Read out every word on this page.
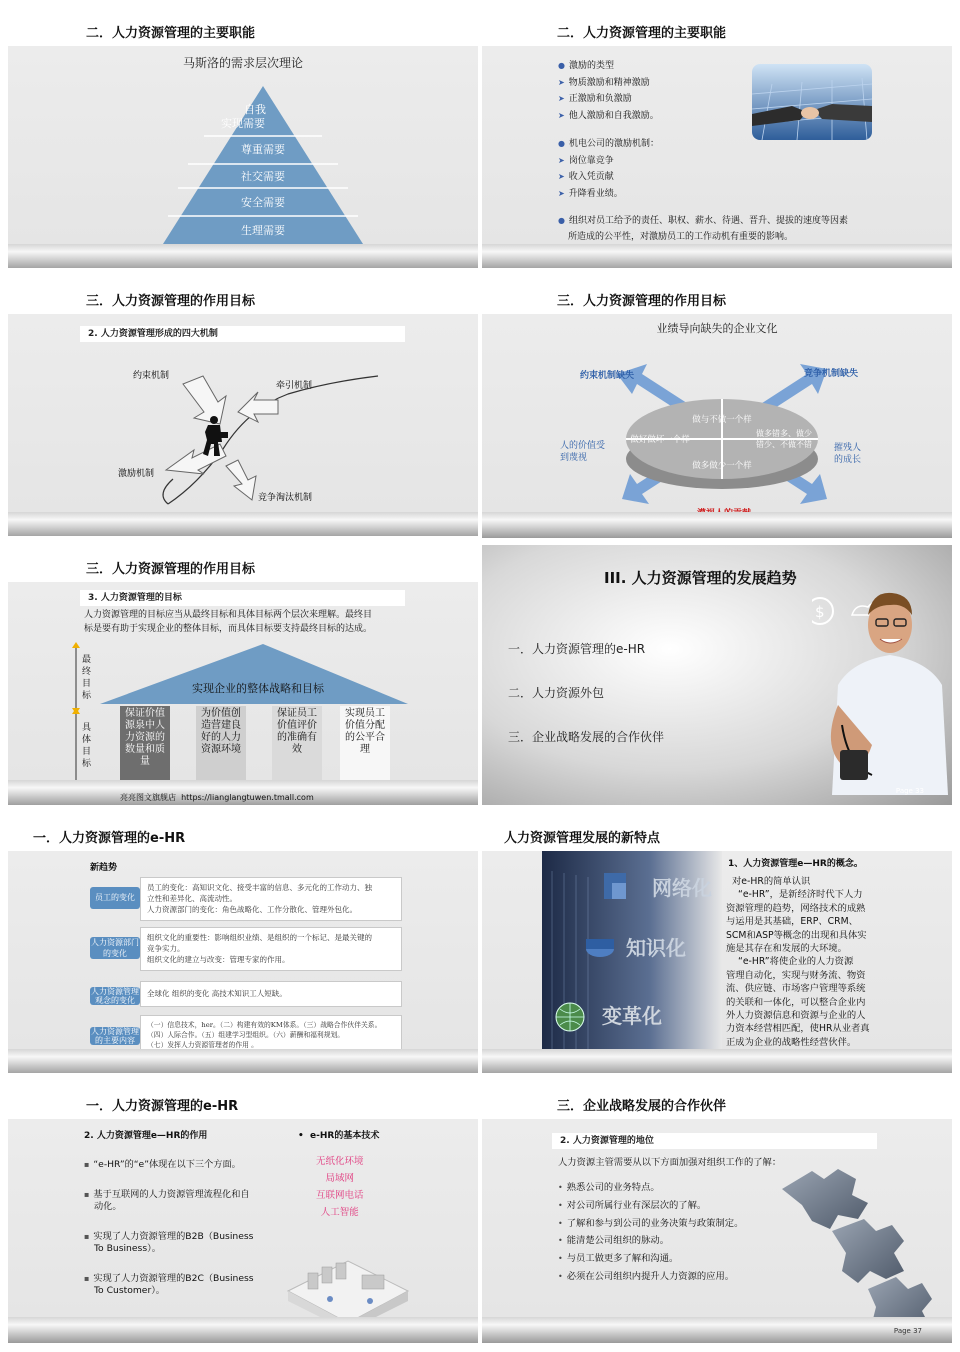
二．人力资源管理的主要职能
马斯洛的需求层次理论
自我
实现需要
尊重需要
社交需要
安全需要
生理需要
二．人力资源管理的主要职能
● 激励的类型
➤ 物质激励和精神激励
➤ 正激励和负激励
➤ 他人激励和自我激励。
● 机电公司的激励机制：
➤ 岗位靠竞争
➤ 收入凭贡献
➤ 升降看业绩。
● 组织对员工给予的责任、职权、薪水、待遇、晋升、提拔的速度等因素
所造成的公平性，对激励员工的工作动机有重要的影响。
三．人力资源管理的作用目标
2. 人力资源管理形成的四大机制
约束机制
牵引机制
激励机制
竞争淘汰机制
三．人力资源管理的作用目标
业绩导向缺失的企业文化
做与不做一个样
做好做坏一个样
做多错多、做少
错少、不做不错
做多做少一个样
约束机制缺失	竞争机制缺失
人的价值受
到蔑视
摧残人
的成长
三．人力资源管理的作用目标
3. 人力资源管理的目标
人力资源管理的目标应当从最终目标和具体目标两个层次来理解。最终目
标是要有助于实现企业的整体目标，而具体目标要支持最终目标的达成。
实现企业的整体战略和目标
最终目标
具体目标
保证价值源泉中人力资源的数量和质量
为价值创造营建良好的人力资源环境
保证员工价值评价的准确有效
实现员工价值分配的公平合理
亮亮图文旗舰店 https://lianglangtuwen.tmall.com
III. 人力资源管理的发展趋势
一．人力资源管理的e-HR
二．人力资源外包
三．企业战略发展的合作伙伴
$
Page 33
一．人力资源管理的e-HR
新趋势
员工的变化
员工的变化：高知识文化、接受丰富的信息、多元化的工作动力、独
立性和差异化、高流动性。
人力资源部门的变化：角色战略化、工作分散化、管理外包化。
人力资源部门的变化
组织文化的重要性：影响组织业绩、是组织的一个标记、是最关键的
竞争实力。
组织文化的建立与改变：管理专家的作用。
人力资源管理观念的变化
全球化 组织的变化 高技术知识工人短缺。
人力资源管理的主要内容
（一）信息技术，her。（二）构建有效的KM体系。（三）战略合作伙伴关系。
（四）人际合作。（五）组建学习型组织。（六）薪酬和福利规划。
（七）发挥人力资源管理者的作用 。
人力资源管理发展的新特点
网络化
知识化
变革化
1、人力资源管理e—HR的概念。
对e-HR的简单认识
“e-HR”，是新经济时代下人力
资源管理的趋势，网络技术的成熟
与运用是其基础，ERP、CRM、
SCM和ASP等概念的出现和具体实
施是其存在和发展的大环境。
“e-HR”将使企业的人力资源
管理自动化，实现与财务流、物资
流、供应链、市场客户管理等系统
的关联和一体化，可以整合企业内
外人力资源信息和资源与企业的人
力资本经营相匹配，使HR从业者真
正成为企业的战略性经营伙伴。
一．人力资源管理的e-HR
2. 人力资源管理e—HR的作用	• e-HR的基本技术
无纸化环境
局域网
互联网电话
人工智能
▪ “e-HR”的“e”体现在以下三个方面。
▪ 基于互联网的人力资源管理流程化和自
动化。
▪ 实现了人力资源管理的B2B（Business
To Business）。
▪ 实现了人力资源管理的B2C（Business
To Customer）。
三．企业战略发展的合作伙伴
2. 人力资源管理的地位
人力资源主管需要从以下方面加强对组织工作的了解：
• 熟悉公司的业务特点。
• 对公司所属行业有深层次的了解。
• 了解和参与到公司的业务决策与政策制定。
• 能清楚公司组织的脉动。
• 与员工做更多了解和沟通。
• 必须在公司组织内提升人力资源的应用。
Page 37
